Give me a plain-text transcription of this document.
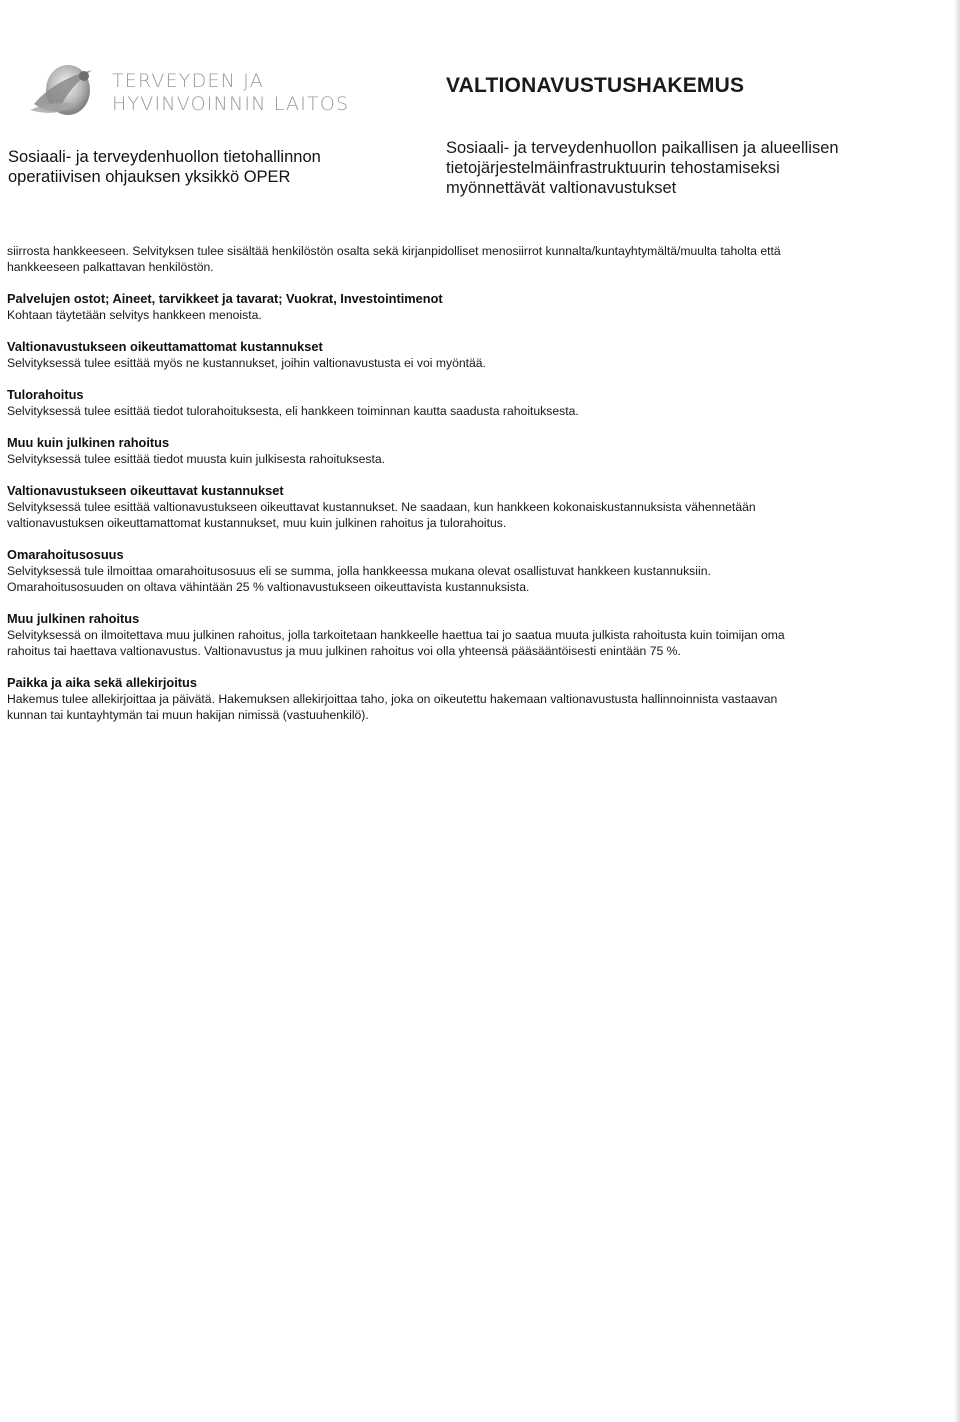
TERVEYDEN JA
HYVINVOINNIN LAITOS
Sosiaali- ja terveydenhuollon tietohallinnon
operatiivisen ohjauksen yksikkö OPER
VALTIONAVUSTUSHAKEMUS
Sosiaali- ja terveydenhuollon paikallisen ja alueellisen
tietojärjestelmäinfrastruktuurin tehostamiseksi
myönnettävät valtionavustukset

siirrosta hankkeeseen. Selvityksen tulee sisältää henkilöstön osalta sekä kirjanpidolliset menosiirrot kunnalta/kuntayhtymältä/muulta taholta että
hankkeeseen palkattavan henkilöstön.

Palvelujen ostot; Aineet, tarvikkeet ja tavarat; Vuokrat, Investointimenot

Kohtaan täytetään selvitys hankkeen menoista.

Valtionavustukseen oikeuttamattomat kustannukset

Selvityksessä tulee esittää myös ne kustannukset, joihin valtionavustusta ei voi myöntää.

Tulorahoitus

Selvityksessä tulee esittää tiedot tulorahoituksesta, eli hankkeen toiminnan kautta saadusta rahoituksesta.

Muu kuin julkinen rahoitus

Selvityksessä tulee esittää tiedot muusta kuin julkisesta rahoituksesta.

Valtionavustukseen oikeuttavat kustannukset

Selvityksessä tulee esittää valtionavustukseen oikeuttavat kustannukset. Ne saadaan, kun hankkeen kokonaiskustannuksista vähennetään
valtionavustuksen oikeuttamattomat kustannukset, muu kuin julkinen rahoitus ja tulorahoitus.

Omarahoitusosuus

Selvityksessä tule ilmoittaa omarahoitusosuus eli se summa, jolla hankkeessa mukana olevat osallistuvat hankkeen kustannuksiin.
Omarahoitusosuuden on oltava vähintään 25 % valtionavustukseen oikeuttavista kustannuksista.

Muu julkinen rahoitus

Selvityksessä on ilmoitettava muu julkinen rahoitus, jolla tarkoitetaan hankkeelle haettua tai jo saatua muuta julkista rahoitusta kuin toimijan oma
rahoitus tai haettava valtionavustus. Valtionavustus ja muu julkinen rahoitus voi olla yhteensä pääsääntöisesti enintään 75 %.

Paikka ja aika sekä allekirjoitus

Hakemus tulee allekirjoittaa ja päivätä. Hakemuksen allekirjoittaa taho, joka on oikeutettu hakemaan valtionavustusta hallinnoinnista vastaavan
kunnan tai kuntayhtymän tai muun hakijan nimissä (vastuuhenkilö).
